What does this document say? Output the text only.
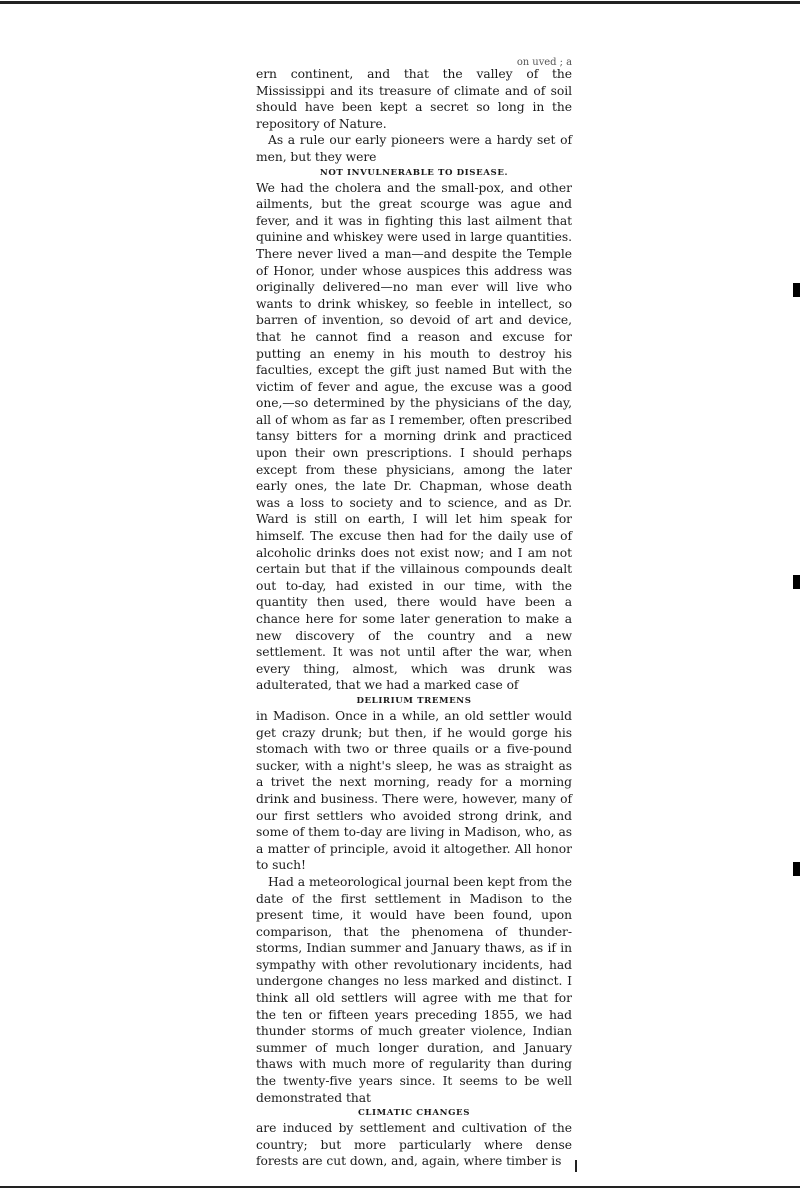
on uved ; a

ern continent, and that the valley of the Mississippi and its treasure of climate and of soil should have been kept a secret so long in the repository of Nature.

As a rule our early pioneers were a hardy set of men, but they were

NOT INVULNERABLE TO DISEASE.

We had the cholera and the small-pox, and other ailments, but the great scourge was ague and fever, and it was in fighting this last ailment that quinine and whiskey were used in large quantities. There never lived a man—and despite the Temple of Honor, under whose auspices this address was originally delivered—no man ever will live who wants to drink whiskey, so feeble in intellect, so barren of invention, so devoid of art and device, that he cannot find a reason and excuse for putting an enemy in his mouth to destroy his faculties, except the gift just named But with the victim of fever and ague, the excuse was a good one,—so determined by the physicians of the day, all of whom as far as I remember, often prescribed tansy bitters for a morning drink and practiced upon their own prescriptions. I should perhaps except from these physicians, among the later early ones, the late Dr. Chapman, whose death was a loss to society and to science, and as Dr. Ward is still on earth, I will let him speak for himself. The excuse then had for the daily use of alcoholic drinks does not exist now; and I am not certain but that if the villainous compounds dealt out to-day, had existed in our time, with the quantity then used, there would have been a chance here for some later generation to make a new discovery of the country and a new settlement. It was not until after the war, when every thing, almost, which was drunk was adulterated, that we had a marked case of

DELIRIUM TREMENS

in Madison. Once in a while, an old settler would get crazy drunk; but then, if he would gorge his stomach with two or three quails or a five-pound sucker, with a night's sleep, he was as straight as a trivet the next morning, ready for a morning drink and business. There were, however, many of our first settlers who avoided strong drink, and some of them to-day are living in Madison, who, as a matter of principle, avoid it altogether. All honor to such!

Had a meteorological journal been kept from the date of the first settlement in Madison to the present time, it would have been found, upon comparison, that the phenomena of thunder-storms, Indian summer and January thaws, as if in sympathy with other revolutionary incidents, had undergone changes no less marked and distinct. I think all old settlers will agree with me that for the ten or fifteen years preceding 1855, we had thunder storms of much greater violence, Indian summer of much longer duration, and January thaws with much more of regularity than during the twenty-five years since. It seems to be well demonstrated that

CLIMATIC CHANGES

are induced by settlement and cultivation of the country; but more particularly where dense forests are cut down, and, again, where timber is
